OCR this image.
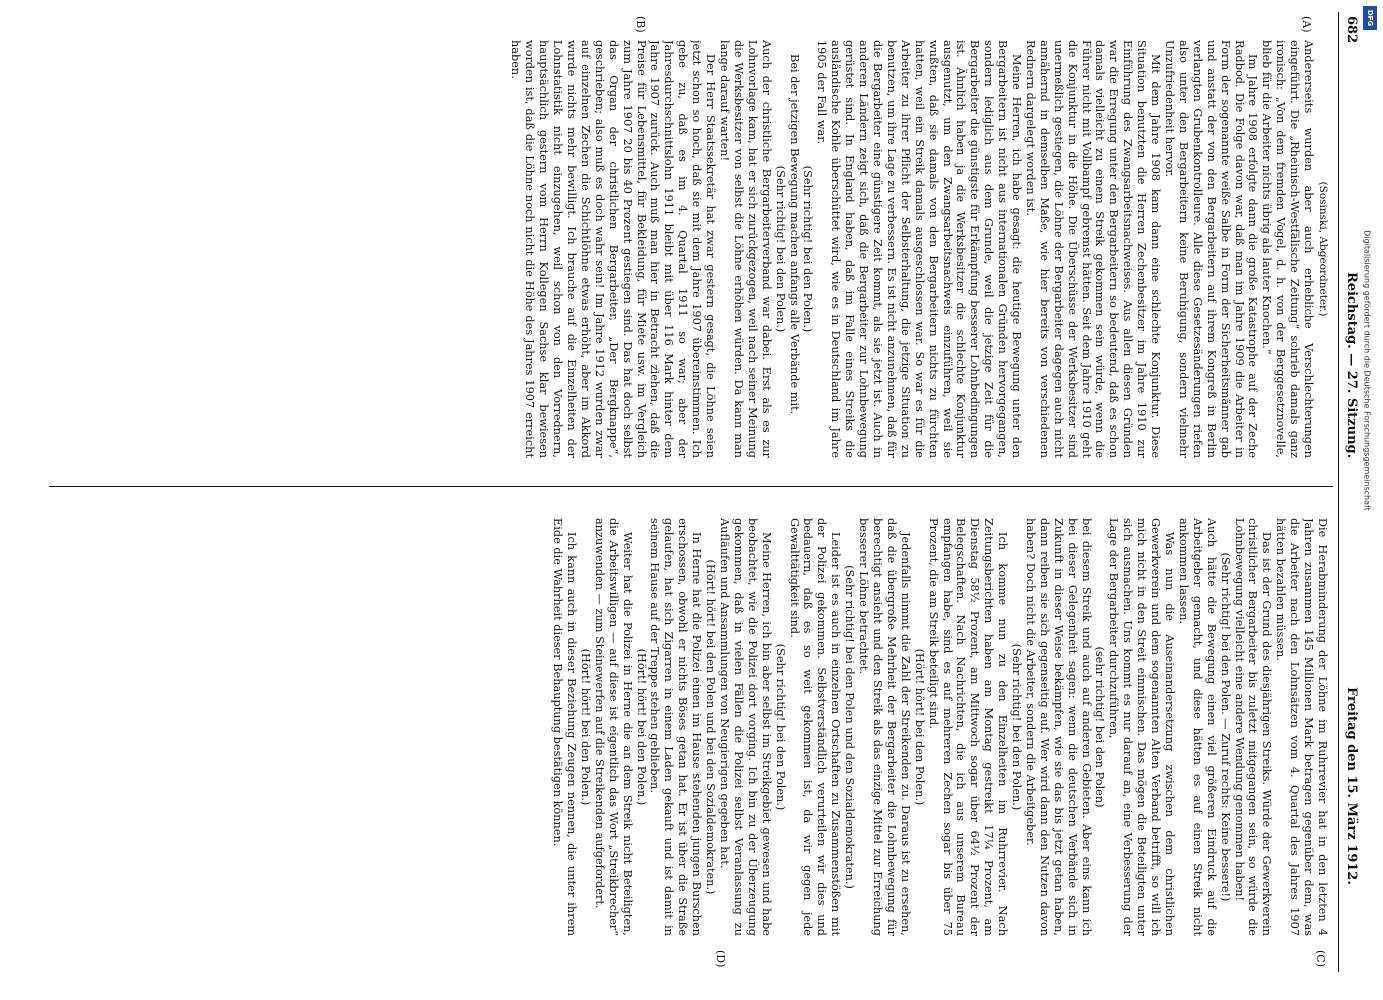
682
Reichstag. — 27. Sitzung.
Freitag den 15. März 1912.
(A)
(B)
(C)
(D)

(Sosinski, Abgeordneter.)

Andererseits wurden aber auch erhebliche Verschlechterungen eingeführt. Die „Rheinisch-Westfälische Zeitung“ schrieb damals ganz ironisch: „Von dem fremden Vogel, d. h. von der Berggesetznovelle, blieb für die Arbeiter nichts übrig als lauter Knochen.“

Im Jahre 1908 erfolgte dann die große Katastrophe auf der Zeche Radbod. Die Folge davon war, daß man im Jahre 1909 die Arbeiter in Form der sogenannte weiße Salbe in Form der Sicherheitsmänner gab und anstatt der von den Bergarbeitern auf ihrem Kongreß in Berlin verlangten Grubenkontrolleure. Alle diese Gesetzesänderungen riefen also unter den Bergarbeitern keine Beruhigung, sondern vielmehr Unzufriedenheit hervor.

Mit dem Jahre 1908 kam dann eine schlechte Konjunktur. Diese Situation benutzten die Herren Zechenbesitzer im Jahre 1910 zur Einführung des Zwangsarbeitsnachweises. Aus allen diesen Gründen war die Erregung unter den Bergarbeitern so bedeutend, daß es schon damals vielleicht zu einem Streik gekommen sein würde, wenn die Führer nicht mit Vollbampf gebremst hätten. Seit dem Jahre 1910 geht die Konjunktur in die Höhe. Die Überschüsse der Werksbesitzer sind unermeßlich gestiegen, die Löhne der Bergarbeiter dagegen auch nicht annähernd in demselben Maße, wie hier bereits von verschiedenen Rednern dargelegt worden ist.

Meine Herren, ich habe gesagt: die heutige Bewegung unter den Bergarbeitern ist nicht aus internationalen Gründen hervorgegangen, sondern lediglich aus dem Grunde, weil die jetzige Zeit für die Bergarbeiter die günstigste für Erkämpfung besserer Lohnbedingungen ist. Ähnlich haben ja die Werksbesitzer die schlechte Konjunktur ausgenutzt, um den Zwangsarbeitsnachweis einzuführen, weil sie wußten, daß sie damals von den Bergarbeitern nichts zu fürchten hatten, weil ein Streik damals ausgeschlossen war. So war es für die Arbeiter zu ihrer Pflicht der Selbsterhaltung, die jetzige Situation zu benutzen, um ihre Lage zu verbessern. Es ist nicht anzunehmen, daß für die Bergarbeiter eine günstigere Zeit kommt, als sie jetzt ist. Auch in anderen Ländern zeigt sich, daß die Bergarbeiter zur Lohnbewegung gerüstet sind. In England haben, daß im Falle eines Streiks die ausländische Kohle überschüttet wird, wie es in Deutschland im Jahre 1905 der Fall war.

(Sehr richtig! bei den Polen.)

Bei der jetzigen Bewegung machen anfangs alle Verbände mit.

(Sehr richtig! bei den Polen.)

Auch der christliche Bergarbeiterverband war dabei. Erst als es zur Lohnvorlage kam, hat er sich zurückgezogen, weil nach seiner Meinung die Werksbesitzer von selbst die Löhne erhöhen würden. Da kann man lange darauf warten!

Der Herr Staatssekretär hat zwar gestern gesagt, die Löhne seien jetzt schon so hoch, daß sie mit dem Jahre 1907 übereinstimmen. Ich gebe zu, daß es im 4. Quartal 1911 so war; aber der Jahresdurchschnittslohn 1911 bleibt mit über 116 Mark hinter dem Jahre 1907 zurück. Auch muß man hier in Betracht ziehen, daß die Preise für Lebensmittel, für Bekleidung, für Miete usw. im Vergleich zum Jahre 1907 20 bis 40 Prozent gestiegen sind. Das hat doch selbst das Organ der christlichen Bergarbeiter, „Der Bergknappe“, geschrieben; also muß es doch wahr sein! Im Jahre 1912 wurden zwar auf einzelnen Zechen die Schichtlöhne etwas erhöht, aber im Akkord wurde nichts mehr bewilligt. Ich brauche auf die Einzelheiten der Lohnstatistik nicht einzugehen, weil schon von den Vorrednern, hauptsächlich gestern vom Herrn Kollegen Sachse klar bewiesen worden ist, daß die Löhne noch nicht die Höhe des Jahres 1907 erreicht haben.

Die Herabminderung der Löhne im Ruhrrevier hat in den letzten 4 Jahren zusammen 145 Millionen Mark betragen gegenüber dem, was die Arbeiter nach den Lohnsätzen vom 4. Quartal des Jahres 1907 hätten bezahlen müssen.

Das ist der Grund des diesjährigen Streiks. Würde der Gewerkverein christlicher Bergarbeiter bis zuletzt mitgegangen sein, so würde die Lohnbewegung vielleicht eine andere Wendung genommen haben!

(Sehr richtig! bei den Polen. — Zuruf rechts: Keine bessere!)

Auch hätte die Bewegung einen viel größeren Eindruck auf die Arbeitgeber gemacht, und diese hätten es auf einen Streik nicht ankommen lassen.

Was nun die Auseinandersetzung zwischen dem christlichen Gewerkverein und dem sogenannten Alten Verband betrifft, so will ich mich nicht in den Streit einmischen. Das mögen die Beteiligten unter sich ausmachen. Uns kommt es nur darauf an, eine Verbesserung der Lage der Bergarbeiter durchzuführen,

(sehr richtig! bei den Polen)

bei diesem Streik und auch auf anderen Gebieten. Aber eins kann ich bei dieser Gelegenheit sagen: wenn die deutschen Verbände sich in Zukunft in dieser Weise bekämpfen, wie sie das bis jetzt getan haben, dann reiben sie sich gegenseitig auf. Wer wird dann den Nutzen davon haben? Doch nicht die Arbeiter, sondern die Arbeitgeber.

(Sehr richtig! bei den Polen.)

Ich komme nun zu den Einzelheiten im Ruhrrevier. Nach Zeitungsberichten haben am Montag gestreikt 17¼ Prozent, am Dienstag 58½ Prozent, am Mittwoch sogar über 64½ Prozent der Belegschaften. Nach Nachrichten, die ich aus unserem Bureau empfangen habe, sind es auf mehreren Zechen sogar bis über 75 Prozent, die am Streik beteiligt sind.

(Hört! hört! bei den Polen.)

Jedenfalls nimmt die Zahl der Streikenden zu. Daraus ist zu ersehen, daß die übergroße Mehrheit der Bergarbeiter die Lohnbewegung für berechtigt ansieht und den Streik als das einzige Mittel zur Erreichung besserer Löhne betrachtet.

(Sehr richtig! bei den Polen und den Sozialdemokraten.)

Leider ist es auch in einzelnen Ortschaften zu Zusammenstößen mit der Polizei gekommen. Selbstverständlich verurteilen wir dies und bedauern, daß es so weit gekommen ist, da wir gegen jede Gewalttätigkeit sind.

(Sehr richtig! bei den Polen.)

Meine Herren, ich bin aber selbst im Streikgebiet gewesen und habe beobachtet, wie die Polizei dort vorging. Ich bin zu der Überzeugung gekommen, daß in vielen Fällen die Polizei selbst Veranlassung zu Aufläufen und Ansammlungen von Neugierigen gegeben hat.

(Hört! hört! bei den Polen und bei den Sozialdemokraten.)

In Herne hat die Polizei einen im Hause stehenden jungen Burschen erschossen, obwohl er nichts Böses getan hat. Er ist über die Straße gelaufen, hat sich Zigarren in einem Laden gekauft und ist damit in seinem Hause auf der Treppe stehen geblieben.

(Hört! hört! bei den Polen.)

Weiter hat die Polizei in Herne die an dem Streik nicht Beteiligten, die Arbeitswilligen — auf diese ist eigentlich das Wort „Streikbrecher“ anzuwenden — zum Steinewerfen auf die Streikenden aufgefordert.

(Hört! hört! bei den Polen.)

Ich kann auch in dieser Beziehung Zeugen nennen, die unter ihrem Eide die Wahrheit dieser Behauptung bestätigen können.

DFG
Digitalisierung gefördert durch die Deutsche Forschungsgemeinschaft
